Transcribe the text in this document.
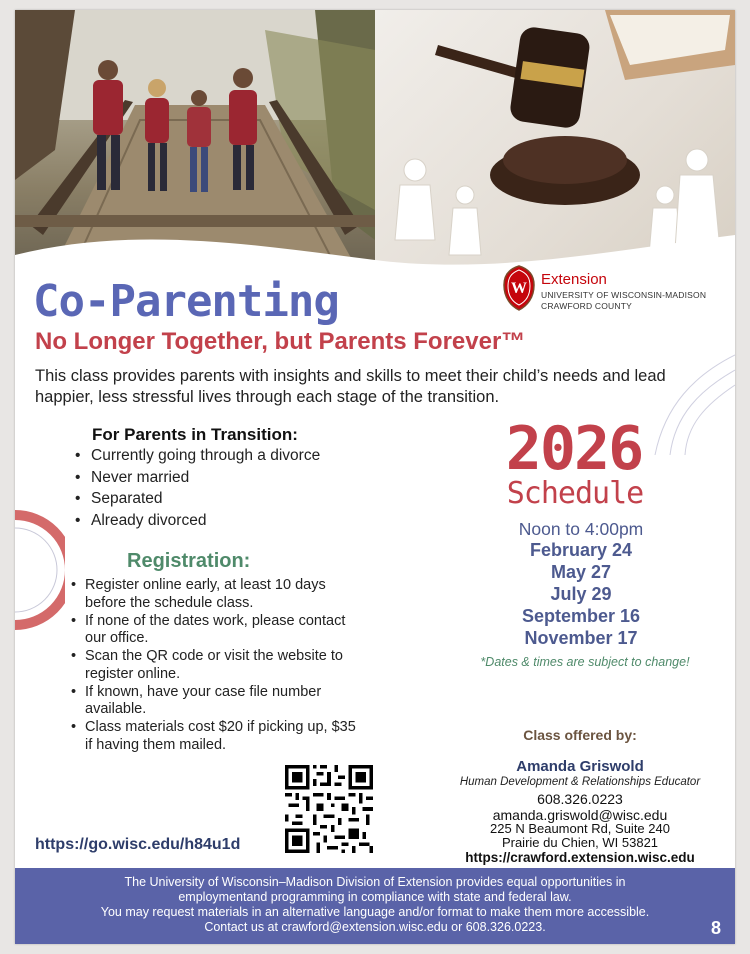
W
Extension
UNIVERSITY OF WISCONSIN-MADISON
CRAWFORD COUNTY
Co-Parenting
No Longer Together, but Parents Forever™

This class provides parents with insights and skills to meet their child’s needs and lead happier, less stressful lives through each stage of the transition.

For Parents in Transition:
• Currently going through a divorce
• Never married
• Separated
• Already divorced
Registration:
• Register online early, at least 10 days before the schedule class.
• If none of the dates work, please contact our office.
• Scan the QR code or visit the website to register online.
• If known, have your case file number available.
• Class materials cost $20 if picking up, $35 if having them mailed.
2026
Schedule
Noon to 4:00pm
February 24
May 27
July 29
September 16
November 17
*Dates & times are subject to change!
Class offered by:
Amanda Griswold
Human Development & Relationships Educator
608.326.0223
amanda.griswold@wisc.edu
225 N Beaumont Rd, Suite 240
Prairie du Chien, WI 53821
https://crawford.extension.wisc.edu
https://go.wisc.edu/h84u1d
The University of Wisconsin–Madison Division of Extension provides equal opportunities in
employmentand programming in compliance with state and federal law.
You may request materials in an alternative language and/or format to make them more accessible.
Contact us at crawford@extension.wisc.edu or 608.326.0223.	8
